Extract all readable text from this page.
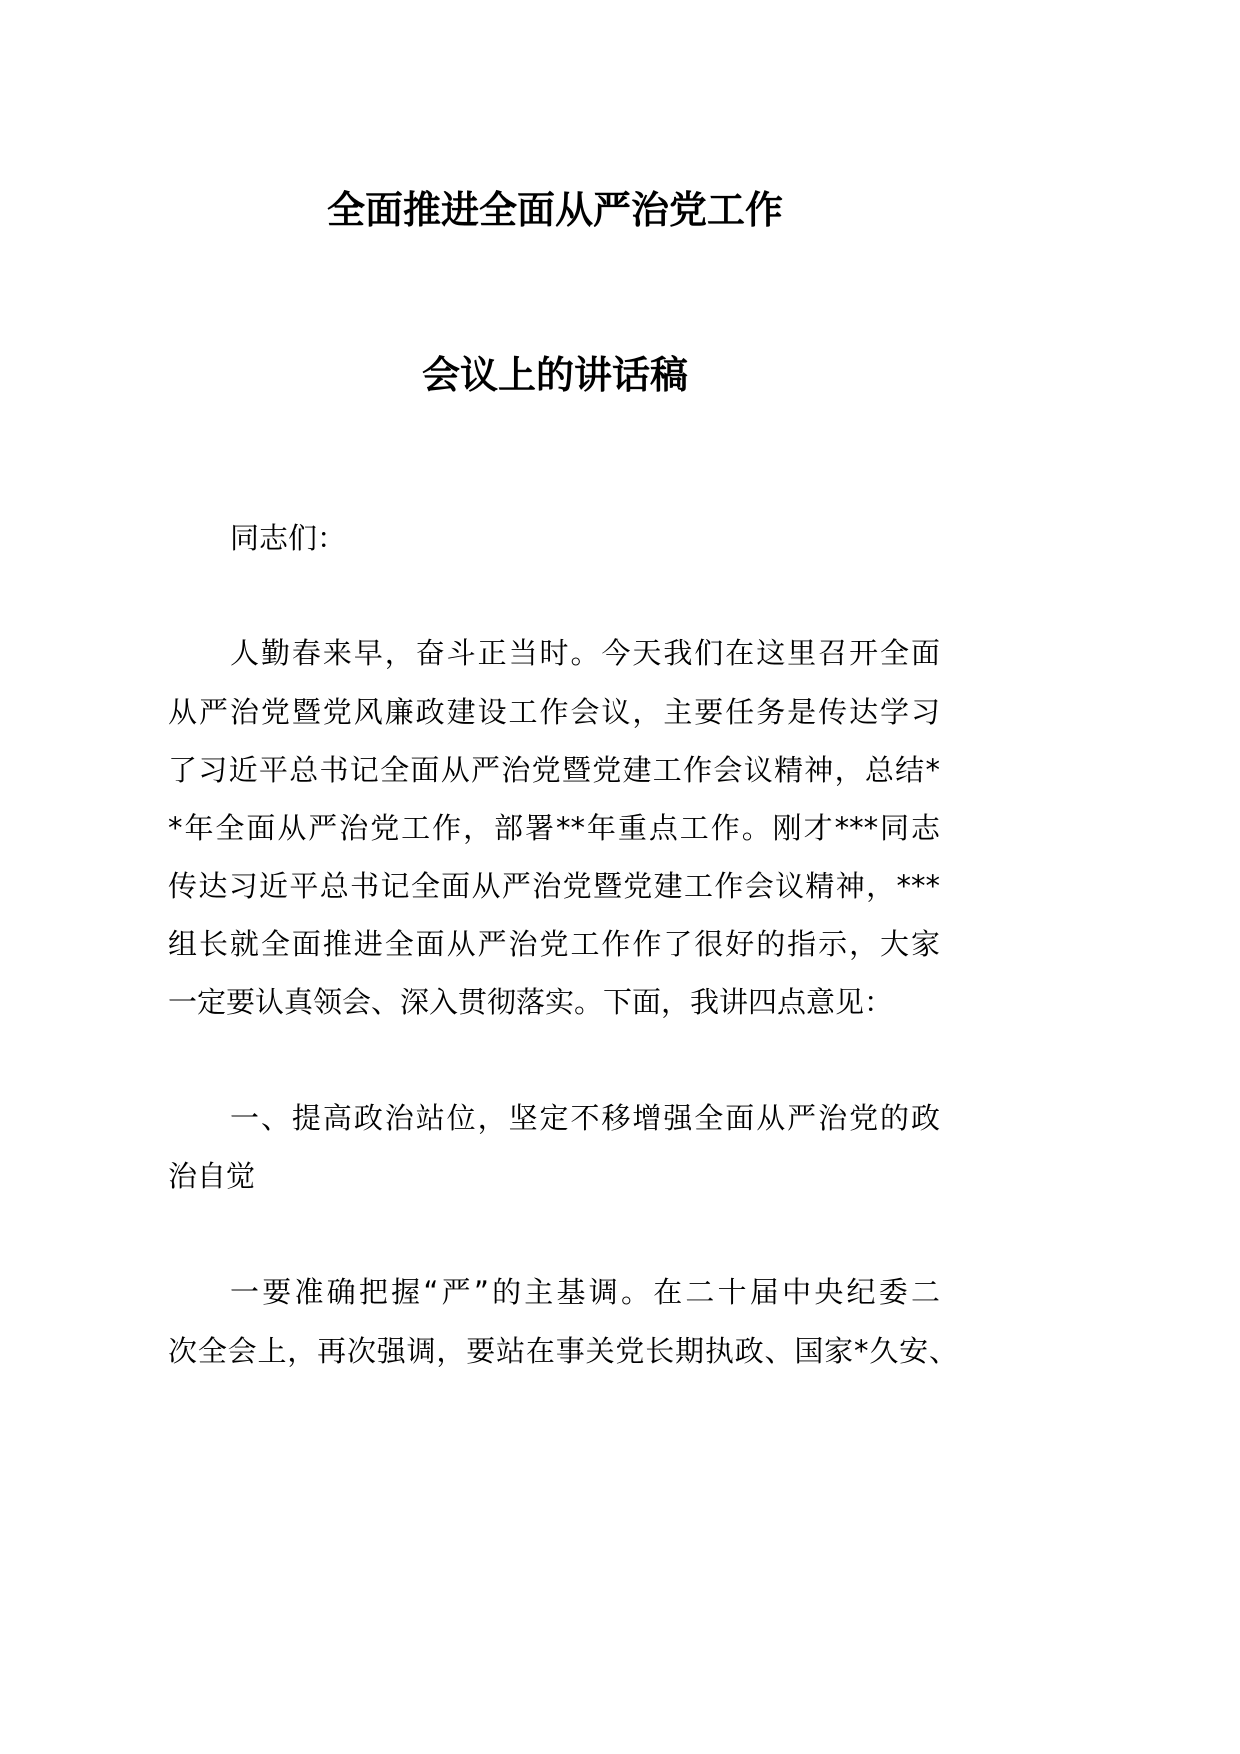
全面推进全面从严治党工作
会议上的讲话稿
同志们：
人勤春来早，奋斗正当时。今天我们在这里召开全面
从严治党暨党风廉政建设工作会议，主要任务是传达学习
了习近平总书记全面从严治党暨党建工作会议精神，总结*
*年全面从严治党工作，部署**年重点工作。刚才***同志
传达习近平总书记全面从严治党暨党建工作会议精神，***
组长就全面推进全面从严治党工作作了很好的指示，大家
一定要认真领会、深入贯彻落实。下面，我讲四点意见：
一、提高政治站位，坚定不移增强全面从严治党的政
治自觉
一要准确把握“严”的主基调。在二十届中央纪委二
次全会上，再次强调，要站在事关党长期执政、国家*久安、
